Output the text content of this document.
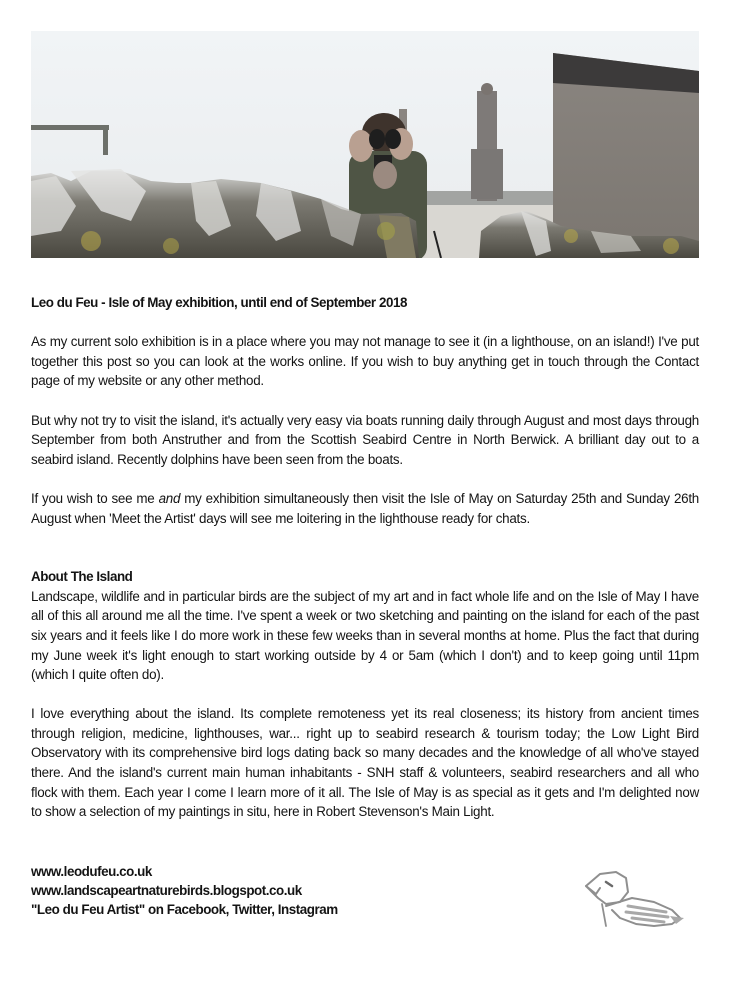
Leo du Feu - Isle of May exhibition, until end of September 2018

As my current solo exhibition is in a place where you may not manage to see it (in a lighthouse, on an island!) I've put together this post so you can look at the works online. If you wish to buy anything get in touch through the Contact page of my website or any other method.

But why not try to visit the island, it's actually very easy via boats running daily through August and most days through September from both Anstruther and from the Scottish Seabird Centre in North Berwick. A brilliant day out to a seabird island. Recently dolphins have been seen from the boats.

If you wish to see me and my exhibition simultaneously then visit the Isle of May on Saturday 25th and Sunday 26th August when 'Meet the Artist' days will see me loitering in the lighthouse ready for chats.

About The Island

Landscape, wildlife and in particular birds are the subject of my art and in fact whole life and on the Isle of May I have all of this all around me all the time. I've spent a week or two sketching and painting on the island for each of the past six years and it feels like I do more work in these few weeks than in several months at home. Plus the fact that during my June week it's light enough to start working outside by 4 or 5am (which I don't) and to keep going until 11pm (which I quite often do).

I love everything about the island. Its complete remoteness yet its real closeness; its history from ancient times through religion, medicine, lighthouses, war... right up to seabird research & tourism today; the Low Light Bird Observatory with its comprehensive bird logs dating back so many decades and the knowledge of all who've stayed there. And the island's current main human inhabitants - SNH staff & volunteers, seabird researchers and all who flock with them. Each year I come I learn more of it all. The Isle of May is as special as it gets and I'm delighted now to show a selection of my paintings in situ, here in Robert Stevenson's Main Light.

www.leodufeu.co.uk
www.landscapeartnaturebirds.blogspot.co.uk
"Leo du Feu Artist" on Facebook, Twitter, Instagram
